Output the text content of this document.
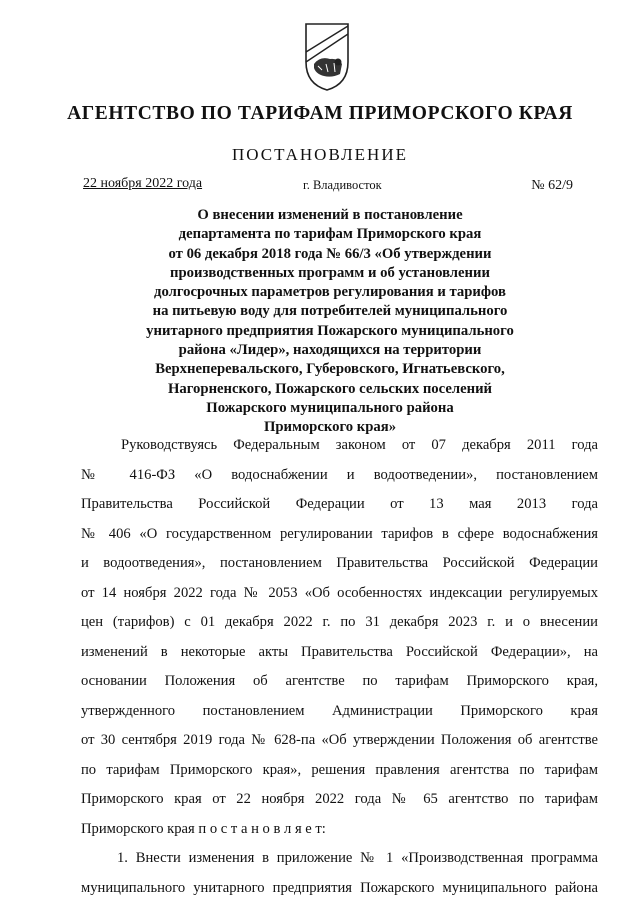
АГЕНТСТВО ПО ТАРИФАМ ПРИМОРСКОГО КРАЯ
ПОСТАНОВЛЕНИЕ
22 ноября 2022 года	г. Владивосток	№ 62/9
О внесении изменений в постановление
департамента по тарифам Приморского края
от 06 декабря 2018 года № 66/3 «Об утверждении
производственных программ и об установлении
долгосрочных параметров регулирования и тарифов
на питьевую воду для потребителей муниципального
унитарного предприятия Пожарского муниципального
района «Лидер», находящихся на территории
Верхнеперевальского, Губеровского, Игнатьевского,
Нагорненского, Пожарского сельских поселений
Пожарского муниципального района
Приморского края»
Руководствуясь Федеральным законом от 07 декабря 2011 года
№ 416-ФЗ «О водоснабжении и водоотведении», постановлением
Правительства Российской Федерации от 13 мая 2013 года
№ 406 «О государственном регулировании тарифов в сфере водоснабжения
и водоотведения», постановлением Правительства Российской Федерации
от 14 ноября 2022 года № 2053 «Об особенностях индексации регулируемых
цен (тарифов) с 01 декабря 2022 г. по 31 декабря 2023 г. и о внесении
изменений в некоторые акты Правительства Российской Федерации», на
основании Положения об агентстве по тарифам Приморского края,
утвержденного постановлением Администрации Приморского края
от 30 сентября 2019 года № 628-па «Об утверждении Положения об агентстве
по тарифам Приморского края», решения правления агентства по тарифам
Приморского края от 22 ноября 2022 года № 65 агентство по тарифам
Приморского края п о с т а н о в л я е т:
1. Внести изменения в приложение № 1 «Производственная программа
муниципального унитарного предприятия Пожарского муниципального района
